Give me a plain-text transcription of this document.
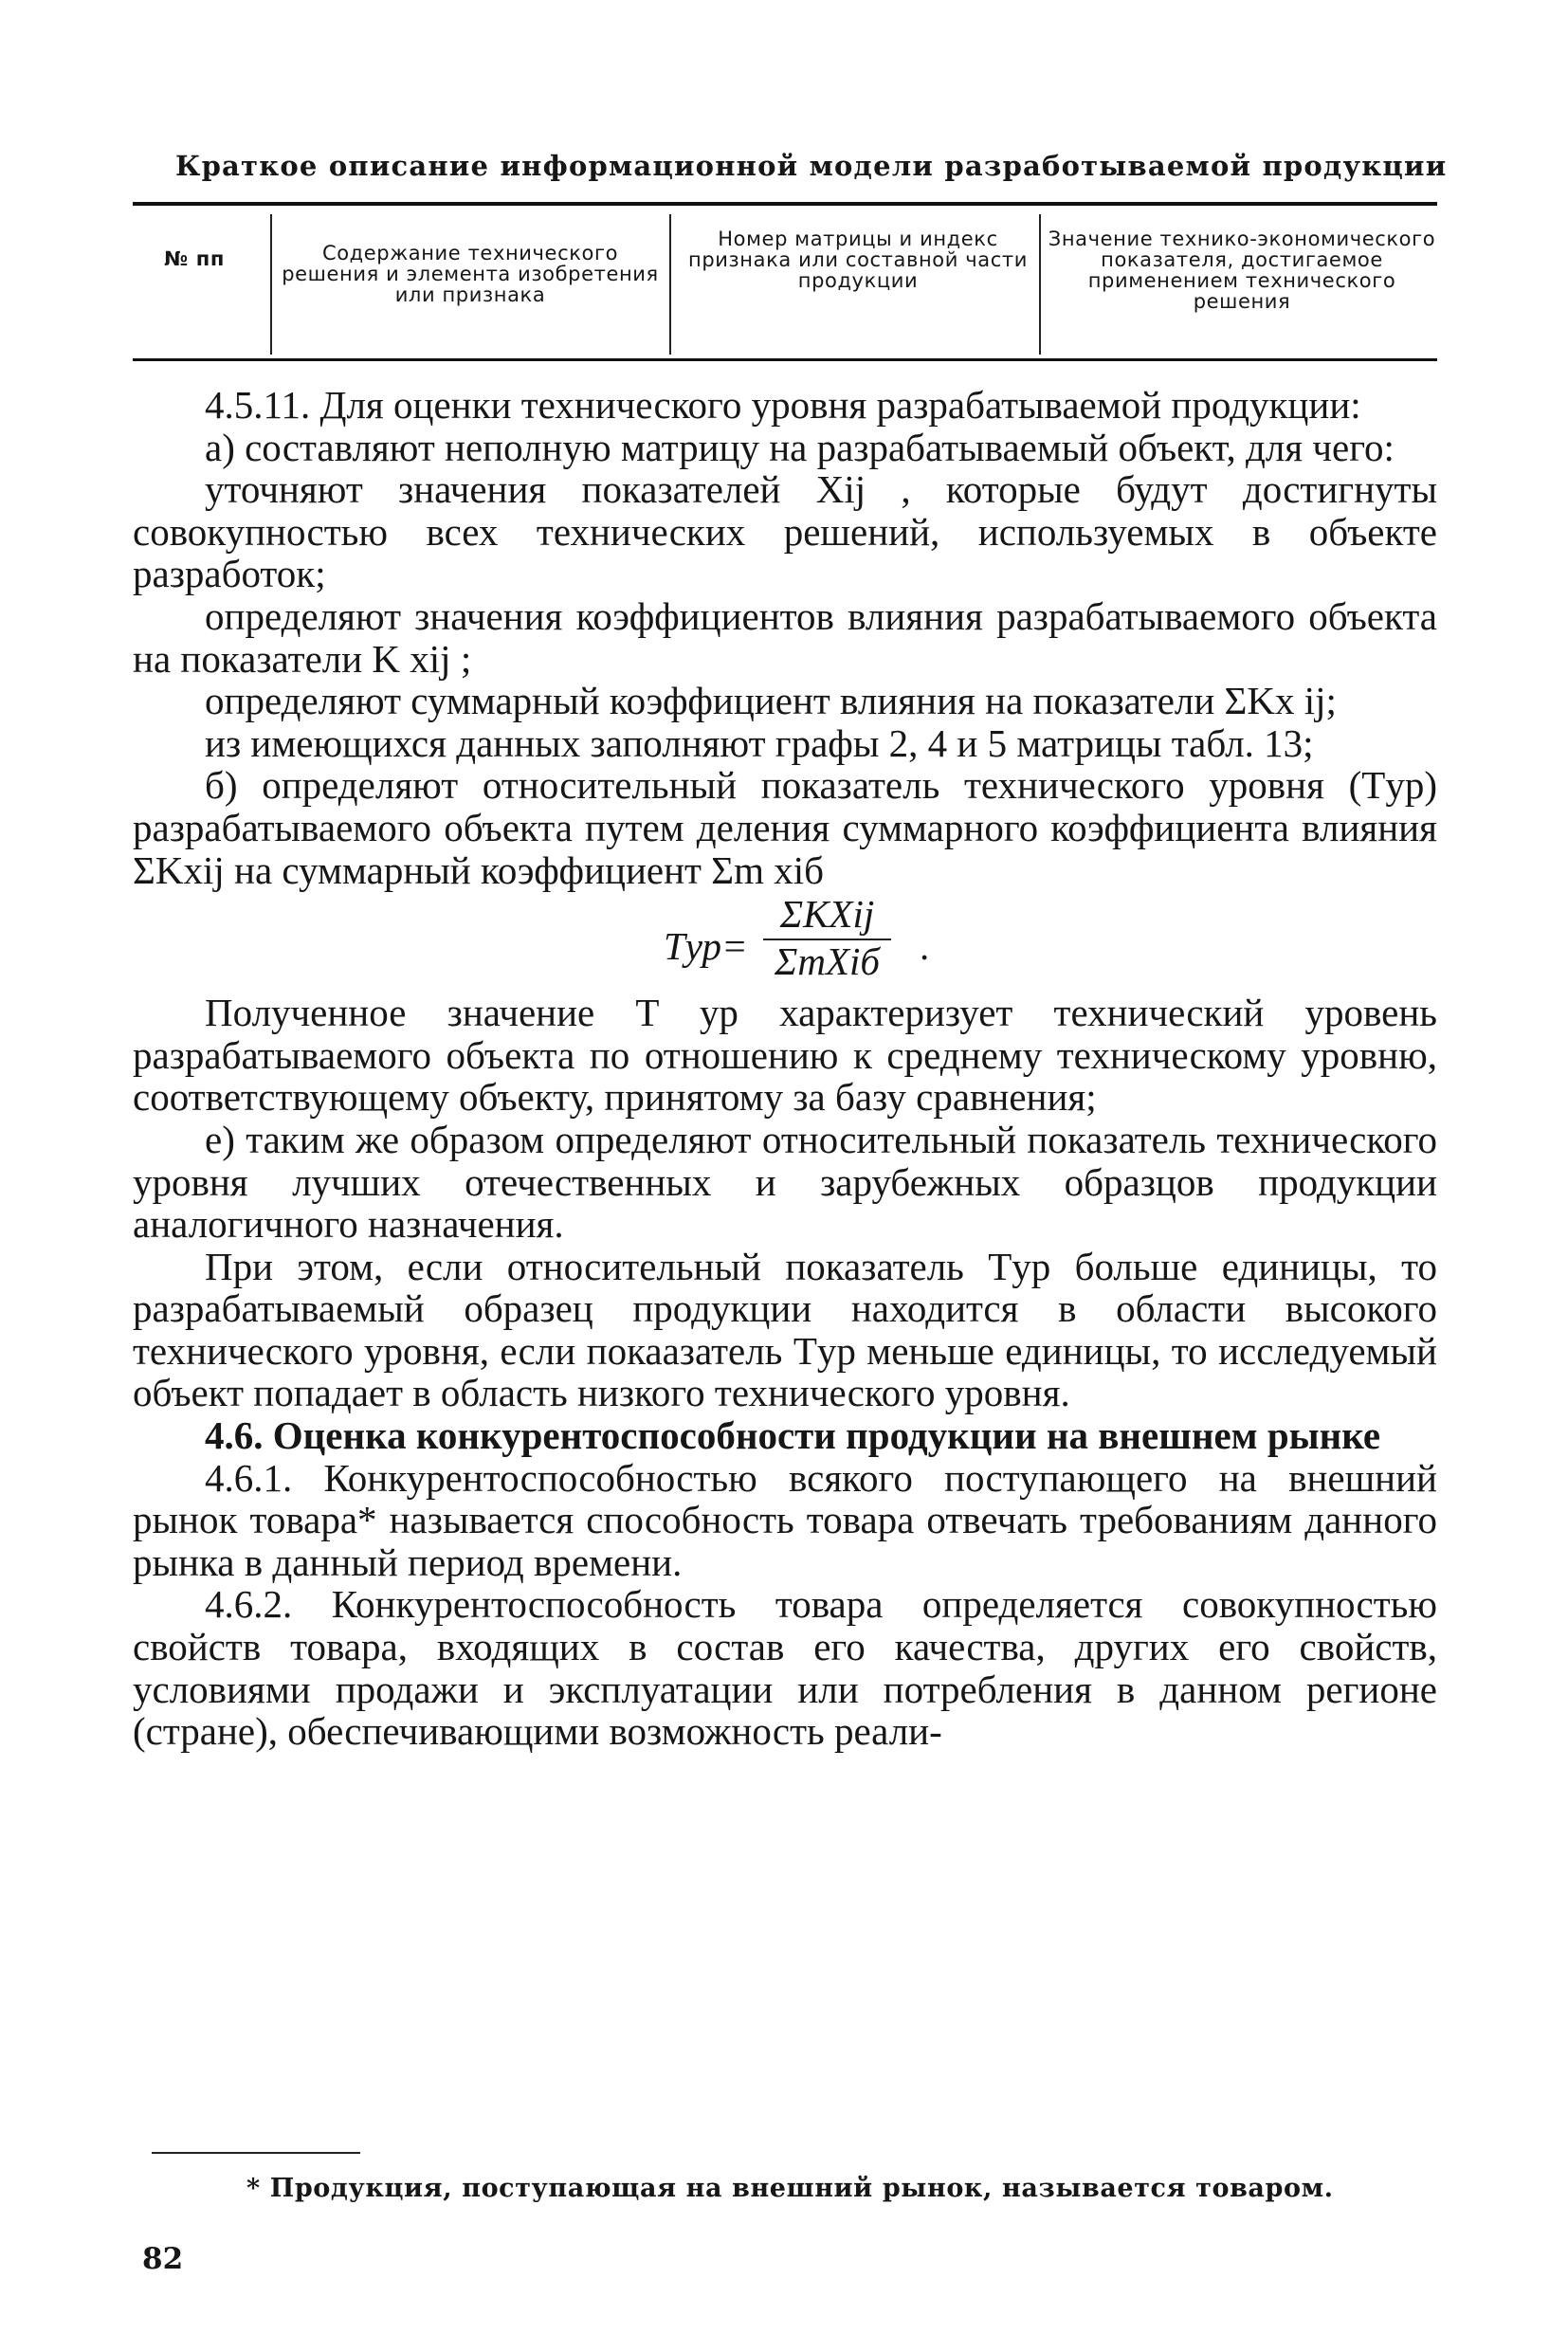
Краткое описание информационной модели разработываемой продукции
№ пп	Содержание технического решения и элемента изобретения или признака
Номер матрицы и индекс признака или составной части продукции
Значение технико-экономического показателя, достигаемое применением технического решения

4.5.11. Для оценки технического уровня разрабатываемой продукции:

а) составляют неполную матрицу на разрабатываемый объект, для чего:

уточняют значения показателей Xij , которые будут достигнуты совокупностью всех технических решений, используемых в объекте разработок;

определяют значения коэффициентов влияния разрабатываемого объекта на показатели K xij ;

определяют суммарный коэффициент влияния на показатели ΣKx ij;

из имеющихся данных заполняют графы 2, 4 и 5 матрицы табл. 13;

б) определяют относительный показатель технического уровня (Tур) разрабатываемого объекта путем деления суммарного коэффициента влияния ΣKxij на суммарный коэффициент Σm xiб

Tур=
ΣKXij
ΣmXiб .

Полученное значение T ур характеризует технический уровень разрабатываемого объекта по отношению к среднему техническому уровню, соответствующему объекту, принятому за базу сравнения;

е) таким же образом определяют относительный показатель технического уровня лучших отечественных и зарубежных образцов продукции аналогичного назначения.

При этом, если относительный показатель Tур больше единицы, то разрабатываемый образец продукции находится в области высокого технического уровня, если покаазатель Tур меньше единицы, то исследуемый объект попадает в область низкого технического уровня.

4.6. Оценка конкурентоспособности продукции на внешнем рынке

4.6.1. Конкурентоспособностью всякого поступающего на внешний рынок товара* называется способность товара отвечать требованиям данного рынка в данный период времени.

4.6.2. Конкурентоспособность товара определяется совокупностью свойств товара, входящих в состав его качества, других его свойств, условиями продажи и эксплуатации или потребления в данном регионе (стране), обеспечивающими возможность реали-

* Продукция, поступающая на внешний рынок, называется товаром.
82
